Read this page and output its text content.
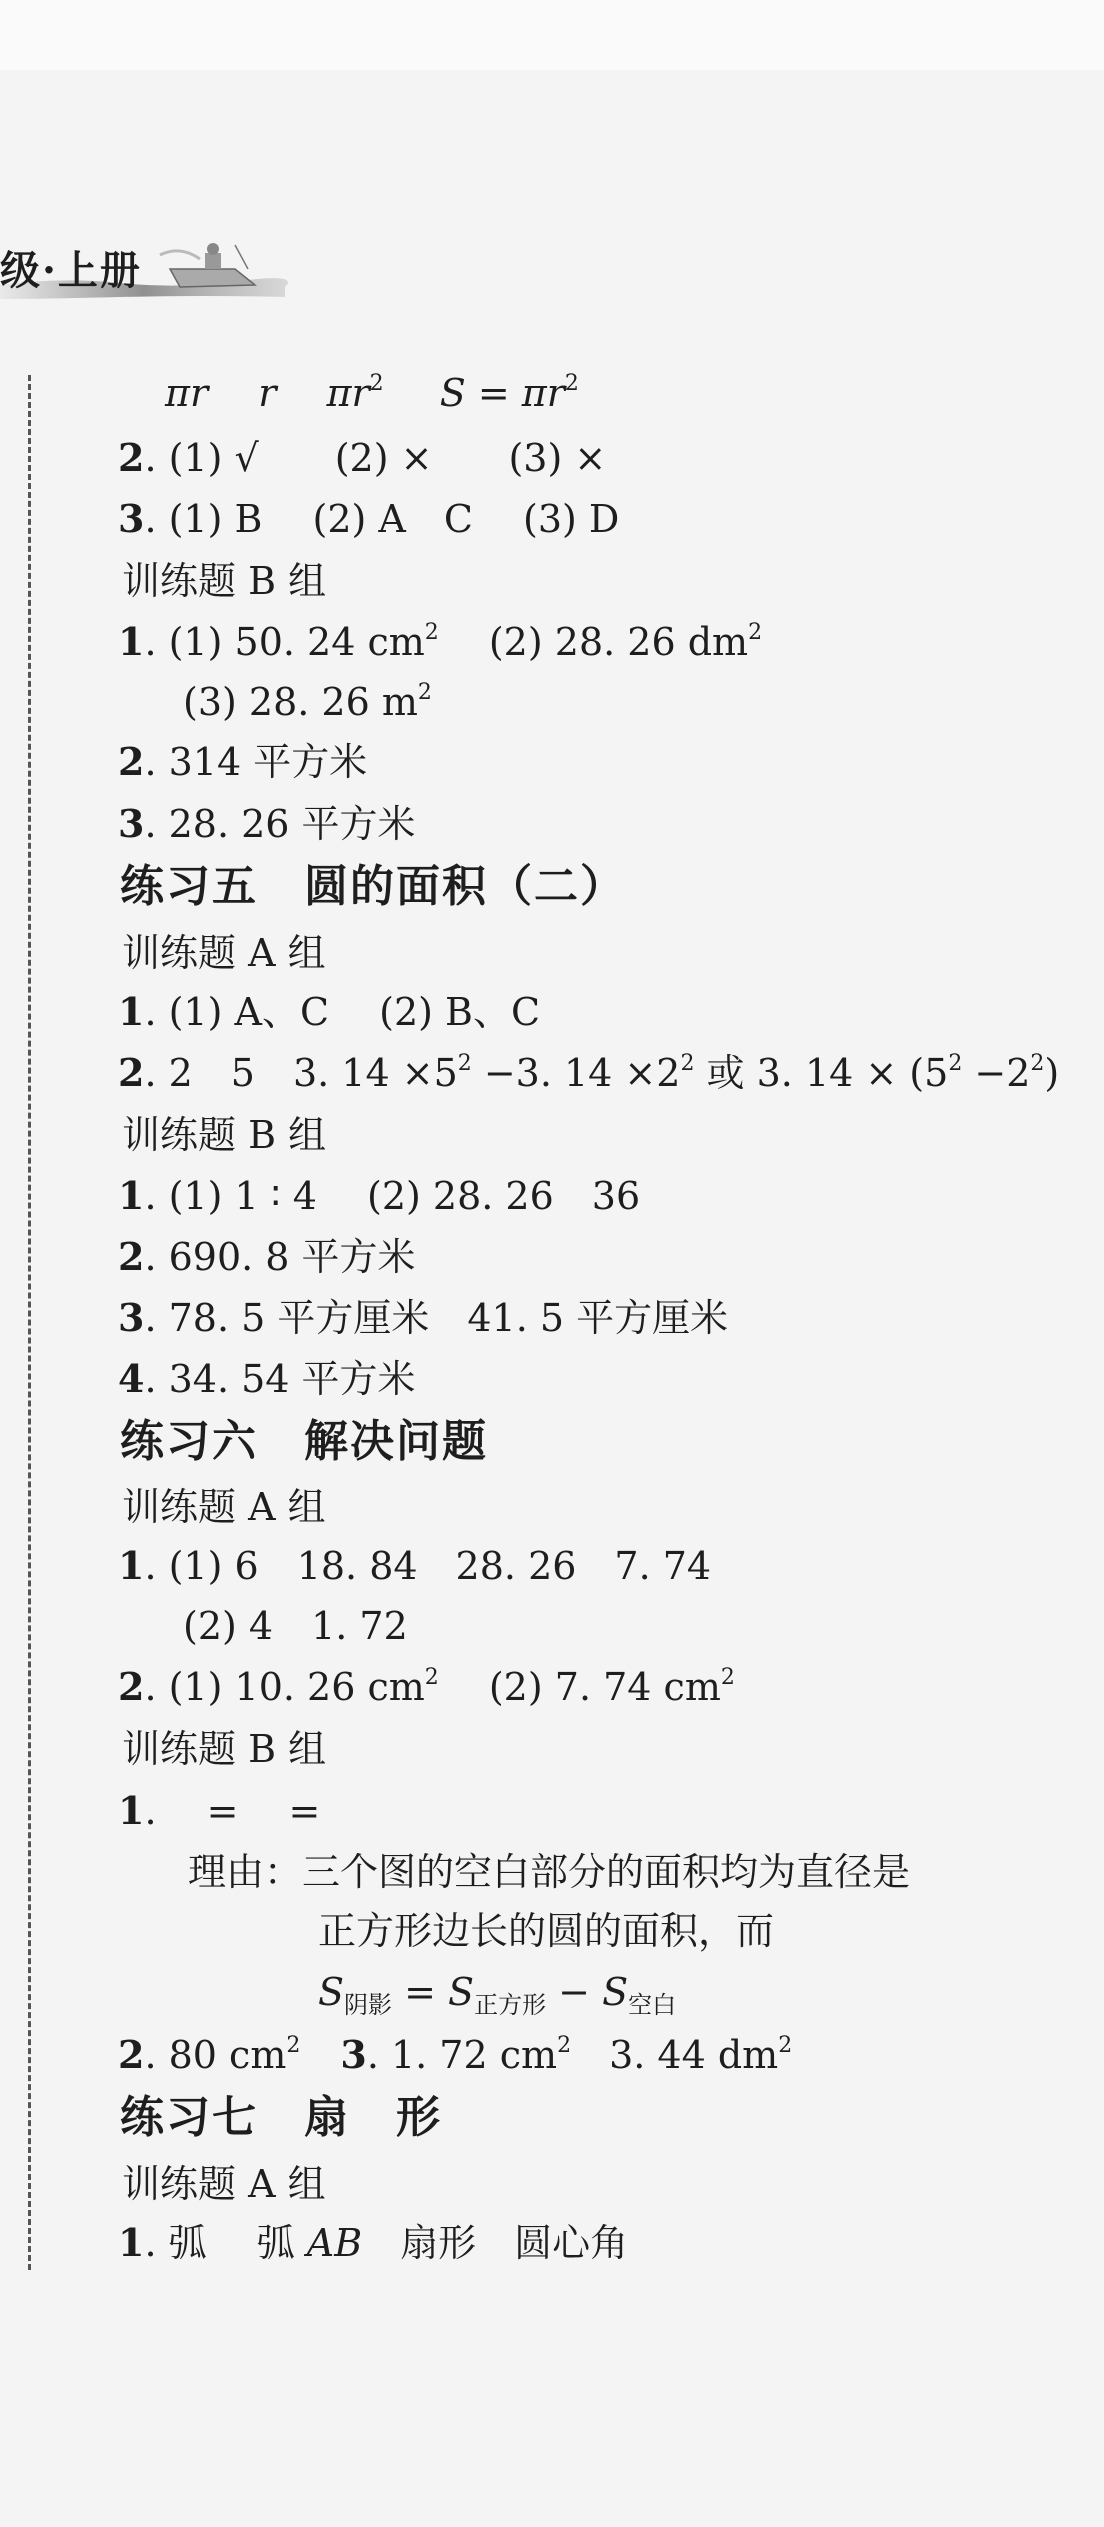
级·上册
πr r $\pi r^2$ $S = \pi r^2$
2. (1) √　　(2) ×　　(3) ×
3. (1) B　 (2) A　C　 (3) D
训练题 B 组
1. (1) 50. 24 $cm^2$　 (2) 28. 26 $dm^2$
(3) 28. 26 $m^2$
2. 314 平方米
3. 28. 26 平方米
练习五　圆的面积（二）
训练题 A 组
1. (1) A、C　 (2) B、C
2. 2　5　3. $14 \times 5^2 -3$. $14 \times 2^2$ 或 3. $14 \times (5^2 -2^2)$
训练题 B 组
1. (1) 1 ∶ 4　 (2) 28. 26　36
2. 690. 8 平方米
3. 78. 5 平方厘米　41. 5 平方厘米
4. 34. 54 平方米
练习六　解决问题
训练题 A 组
1. (1) 6　18. 84　28. 26　7. 74
(2) 4　1. 72
2. (1) 10. 26 $cm^2$　 (2) 7. 74 $cm^2$
训练题 B 组
1. 　=　 =
理由：三个图的空白部分的面积均为直径是
正方形边长的圆的面积，而
$S_{阴影} = S_{正方形} - S_{空白}$
2. 80 $cm^2$ 3. 1. 72 $cm^2$　3. 44 $dm^2$
练习七　扇　形
训练题 A 组
1. 弧　 弧 AB　扇形　圆心角
